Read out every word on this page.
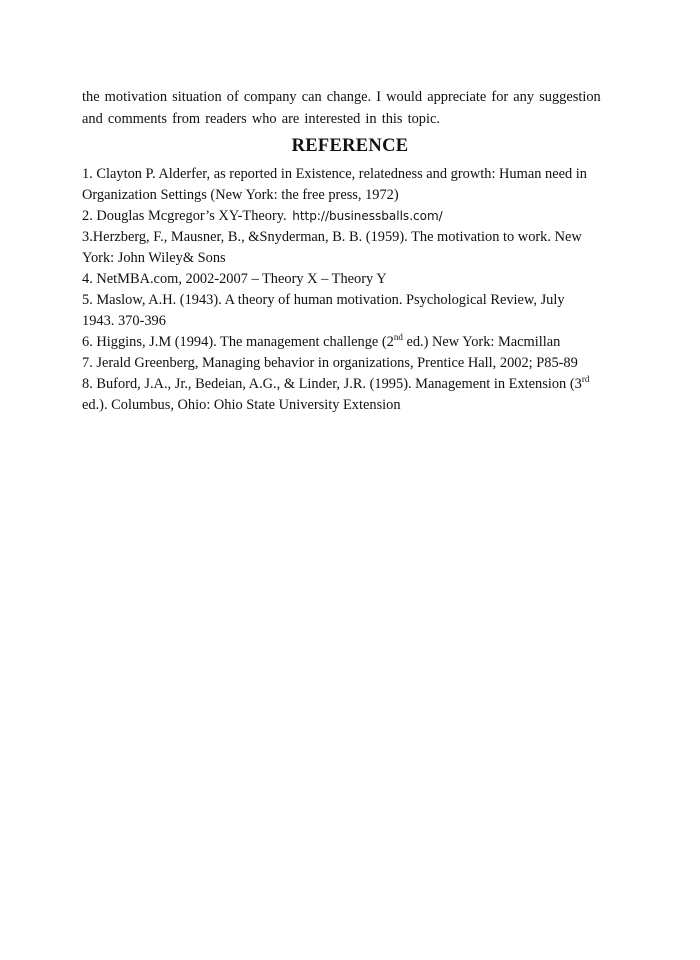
the motivation situation of company can change. I would appreciate for any suggestion
and comments from readers who are interested in this topic.

REFERENCE
1. Clayton P. Alderfer, as reported in Existence, relatedness and growth: Human need in
Organization Settings (New York: the free press, 1972)
2. Douglas Mcgregor’s XY-Theory. http://businessballs.com/
3.Herzberg, F., Mausner, B., &Snyderman, B. B. (1959). The motivation to work. New
York: John Wiley& Sons
4. NetMBA.com, 2002-2007 – Theory X – Theory Y
5. Maslow, A.H. (1943). A theory of human motivation. Psychological Review, July
1943. 370-396
6. Higgins, J.M (1994). The management challenge (2nd ed.) New York: Macmillan
7. Jerald Greenberg, Managing behavior in organizations, Prentice Hall, 2002; P85-89
8. Buford, J.A., Jr., Bedeian, A.G., & Linder, J.R. (1995). Management in Extension (3rd
ed.). Columbus, Ohio: Ohio State University Extension
